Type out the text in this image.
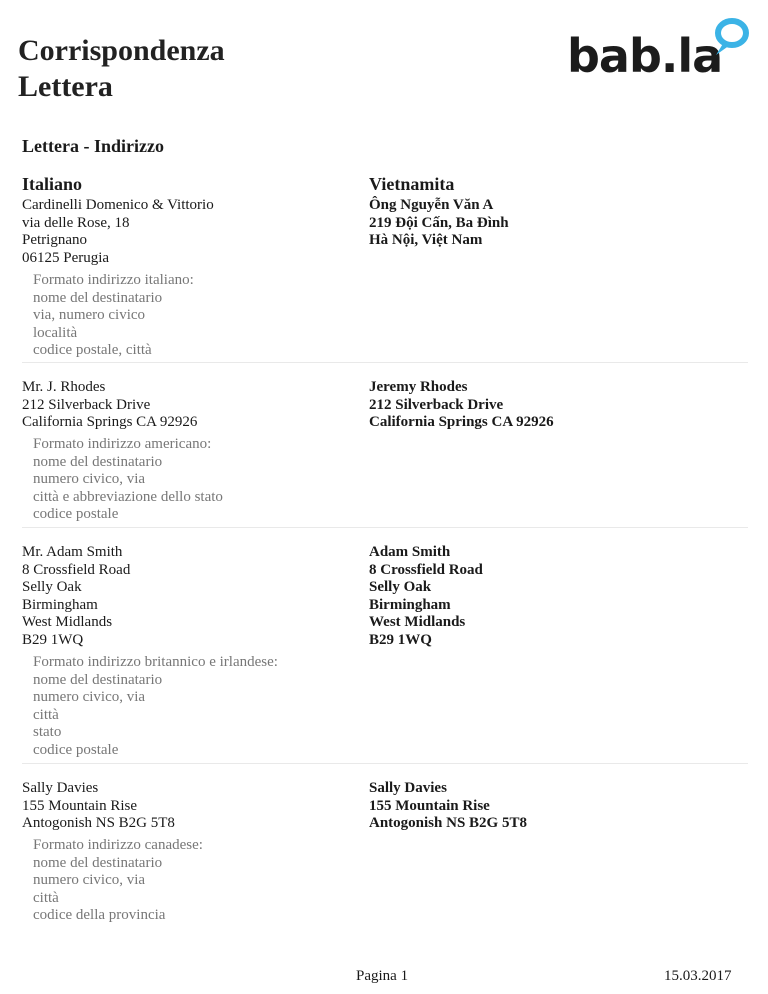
Corrispondenza
Lettera
bab.la
Lettera - Indirizzo
Italiano	Vietnamita
Cardinelli Domenico & Vittorio
via delle Rose, 18
Petrignano
06125 Perugia
Ông Nguyễn Văn A
219 Đội Cấn, Ba Đình
Hà Nội, Việt Nam
Formato indirizzo italiano:
nome del destinatario
via, numero civico
località
codice postale, città
Mr. J. Rhodes
212 Silverback Drive
California Springs CA 92926
Jeremy Rhodes
212 Silverback Drive
California Springs CA 92926
Formato indirizzo americano:
nome del destinatario
numero civico, via
città e abbreviazione dello stato
codice postale
Mr. Adam Smith
8 Crossfield Road
Selly Oak
Birmingham
West Midlands
B29 1WQ
Adam Smith
8 Crossfield Road
Selly Oak
Birmingham
West Midlands
B29 1WQ
Formato indirizzo britannico e irlandese:
nome del destinatario
numero civico, via
città
stato
codice postale
Sally Davies
155 Mountain Rise
Antogonish NS B2G 5T8
Sally Davies
155 Mountain Rise
Antogonish NS B2G 5T8
Formato indirizzo canadese:
nome del destinatario
numero civico, via
città
codice della provincia
Pagina 1	15.03.2017
